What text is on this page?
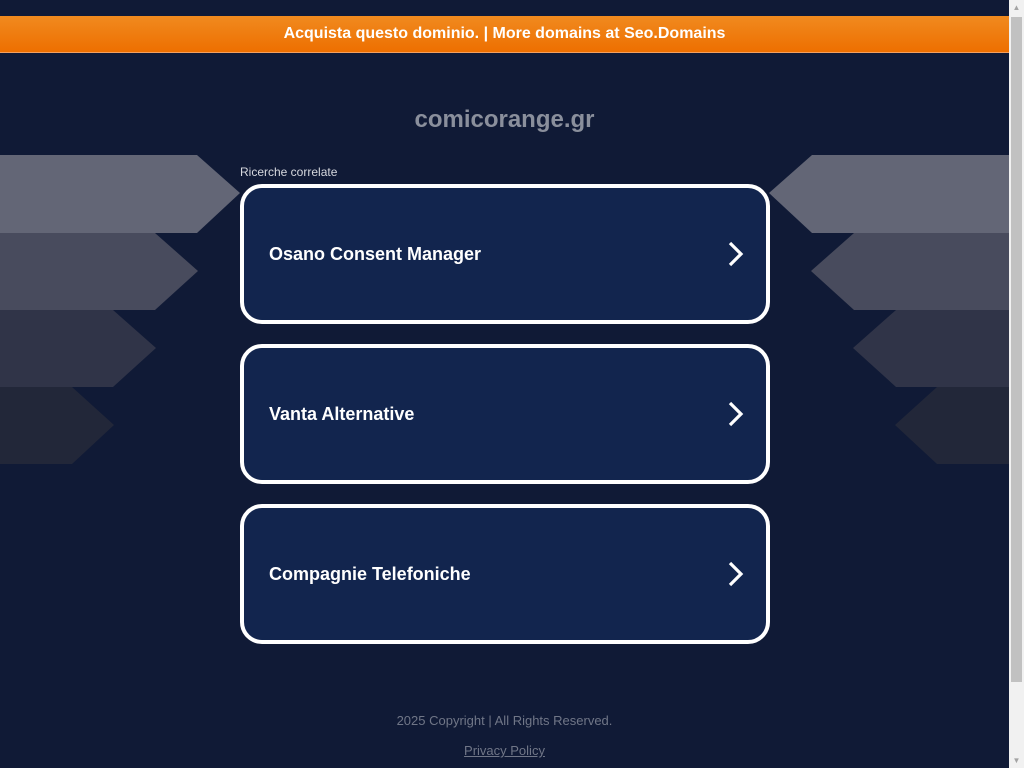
Acquista questo dominio. | More domains at Seo.Domains
comicorange.gr
Ricerche correlate
Osano Consent Manager
Vanta Alternative
Compagnie Telefoniche
2025 Copyright | All Rights Reserved.
Privacy Policy
▲
▼
